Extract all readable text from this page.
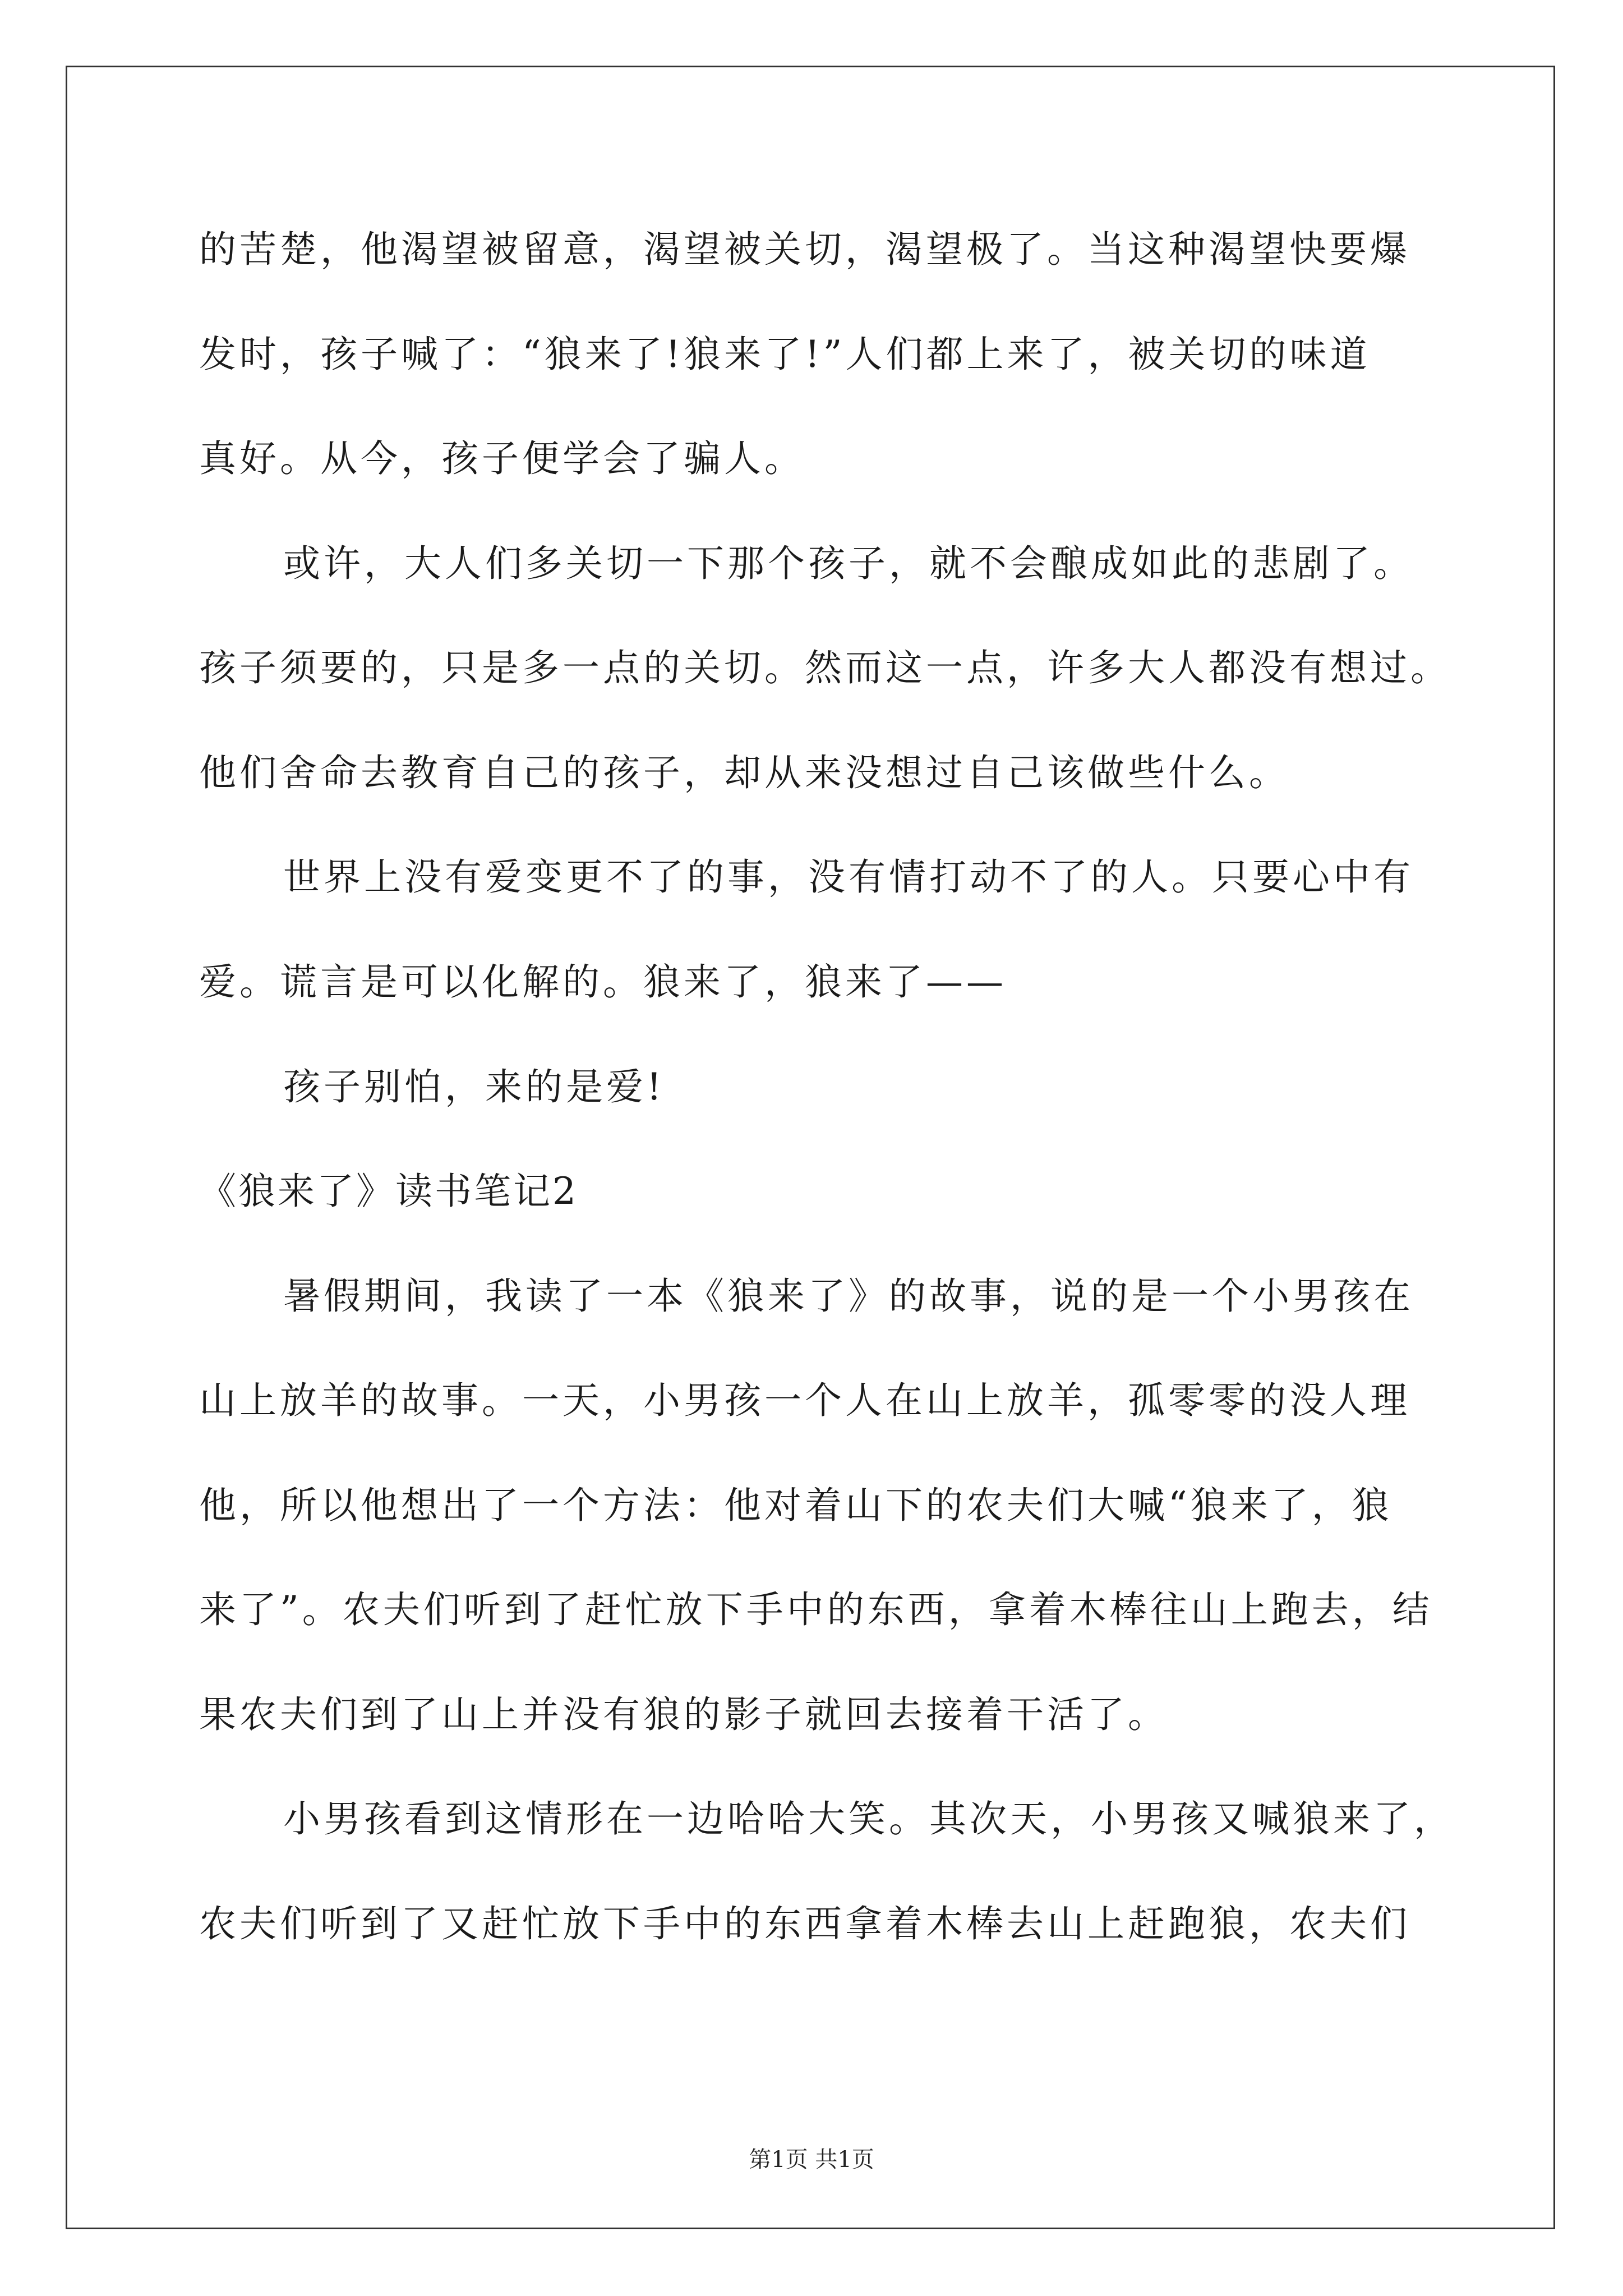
的苦楚，他渴望被留意，渴望被关切，渴望极了。当这种渴望快要爆
发时，孩子喊了：“狼来了!狼来了!”人们都上来了，被关切的味道
真好。从今，孩子便学会了骗人。
或许，大人们多关切一下那个孩子，就不会酿成如此的悲剧了。
孩子须要的，只是多一点的关切。然而这一点，许多大人都没有想过。
他们舍命去教育自己的孩子，却从来没想过自己该做些什么。
世界上没有爱变更不了的事，没有情打动不了的人。只要心中有
爱。谎言是可以化解的。狼来了，狼来了——
孩子别怕，来的是爱!
《狼来了》读书笔记2
暑假期间，我读了一本《狼来了》的故事，说的是一个小男孩在
山上放羊的故事。一天，小男孩一个人在山上放羊，孤零零的没人理
他，所以他想出了一个方法：他对着山下的农夫们大喊“狼来了，狼
来了”。农夫们听到了赶忙放下手中的东西，拿着木棒往山上跑去，结
果农夫们到了山上并没有狼的影子就回去接着干活了。
小男孩看到这情形在一边哈哈大笑。其次天，小男孩又喊狼来了，
农夫们听到了又赶忙放下手中的东西拿着木棒去山上赶跑狼，农夫们
第1页 共1页
